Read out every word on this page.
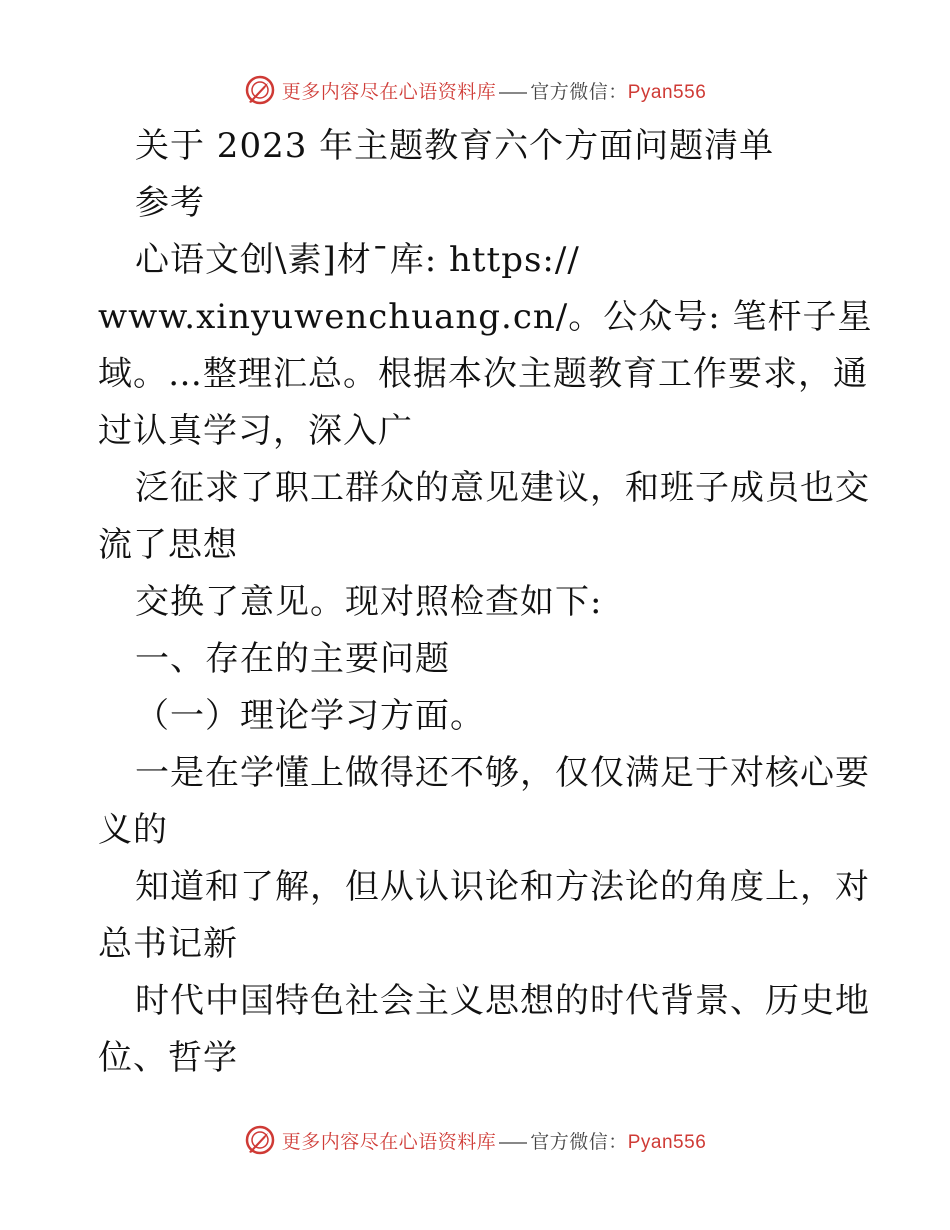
更多内容尽在心语资料库 官方微信：Pyan556
关于 2023 年主题教育六个方面问题清单
参考
心语文创\素]材¯库: https://
www.xinyuwenchuang.cn/。公众号: 笔杆子星
域。…整理汇总。根据本次主题教育工作要求，通
过认真学习，深入广
泛征求了职工群众的意见建议，和班子成员也交
流了思想
交换了意见。现对照检查如下:
一、存在的主要问题
（一）理论学习方面。
一是在学懂上做得还不够，仅仅满足于对核心要
义的
知道和了解，但从认识论和方法论的角度上，对
总书记新
时代中国特色社会主义思想的时代背景、历史地
位、哲学
更多内容尽在心语资料库 官方微信：Pyan556
